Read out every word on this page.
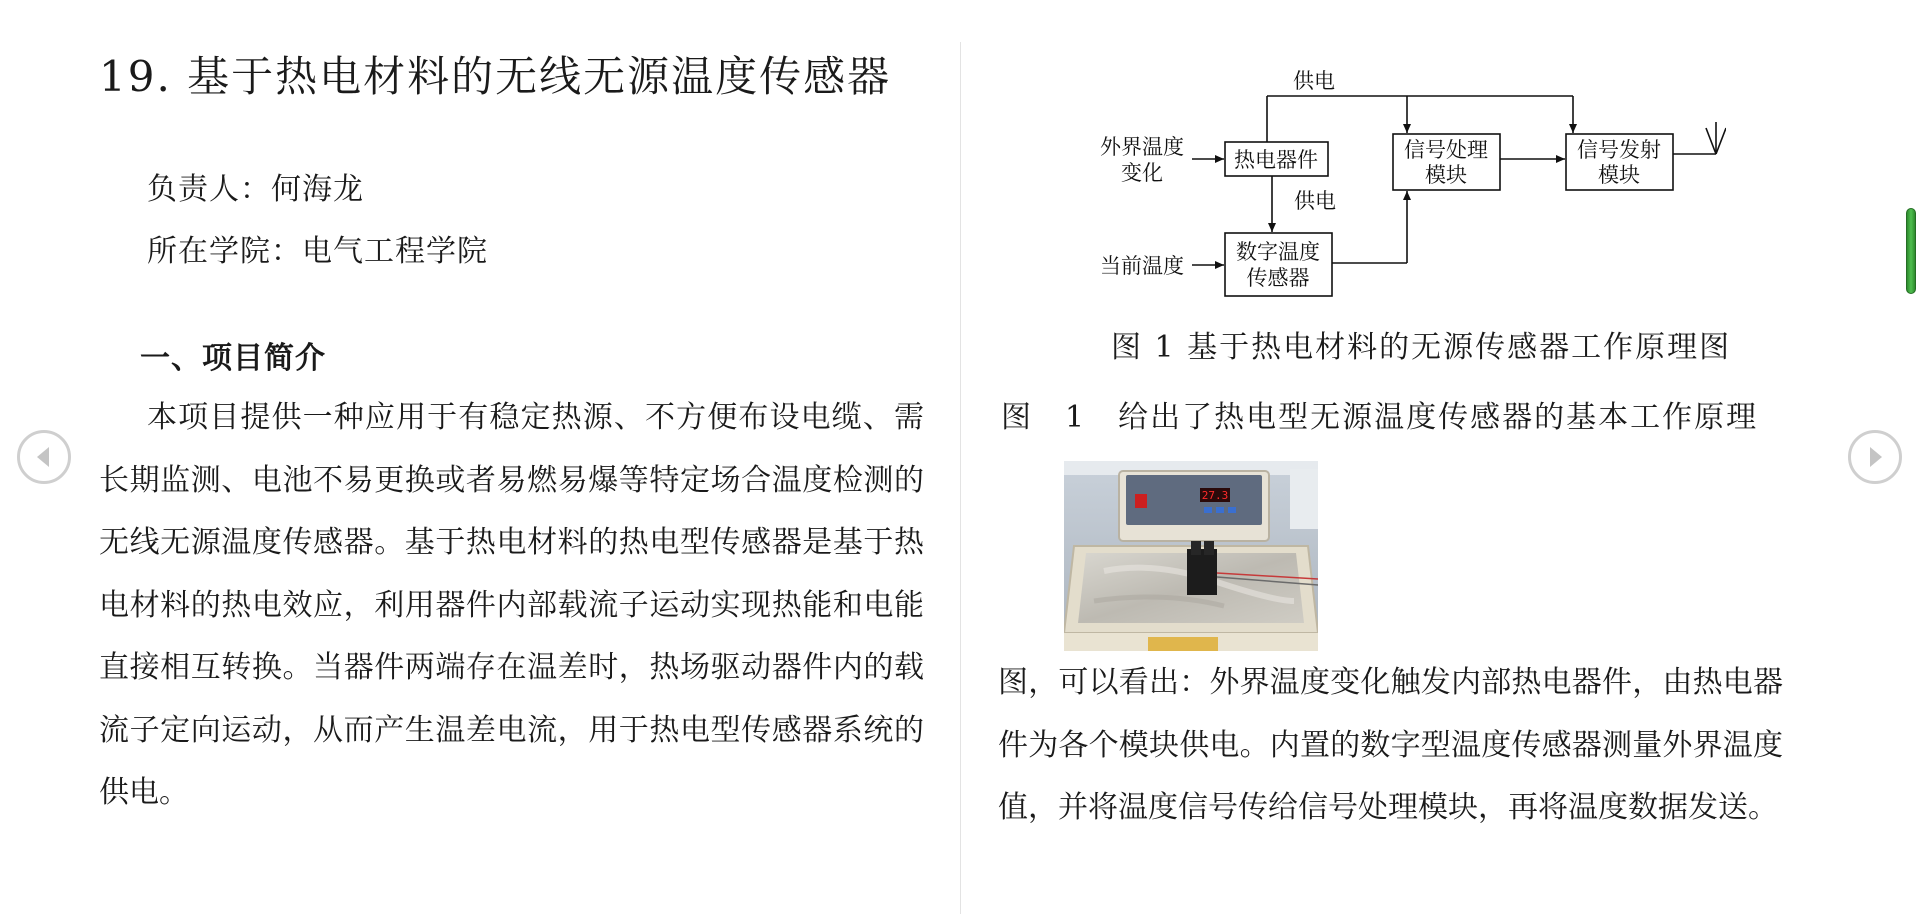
19. 基于热电材料的无线无源温度传感器
负责人：何海龙
所在学院：电气工程学院
一、项目简介

本项目提供一种应用于有稳定热源、不方便布设电缆、需长期监测、电池不易更换或者易燃易爆等特定场合温度检测的无线无源温度传感器。基于热电材料的热电型传感器是基于热电材料的热电效应，利用器件内部载流子运动实现热能和电能直接相互转换。当器件两端存在温差时，热场驱动器件内的载流子定向运动，从而产生温差电流，用于热电型传感器系统的供电。

供电
供电
外界温度
变化
当前温度
热电器件
数字温度
传感器
信号处理
模块
信号发射
模块
图 1 基于热电材料的无源传感器工作原理图

图　1　给出了热电型无源温度传感器的基本工作原理

27.3

图，可以看出：外界温度变化触发内部热电器件，由热电器件为各个模块供电。内置的数字型温度传感器测量外界温度值，并将温度信号传给信号处理模块，再将温度数据发送。
